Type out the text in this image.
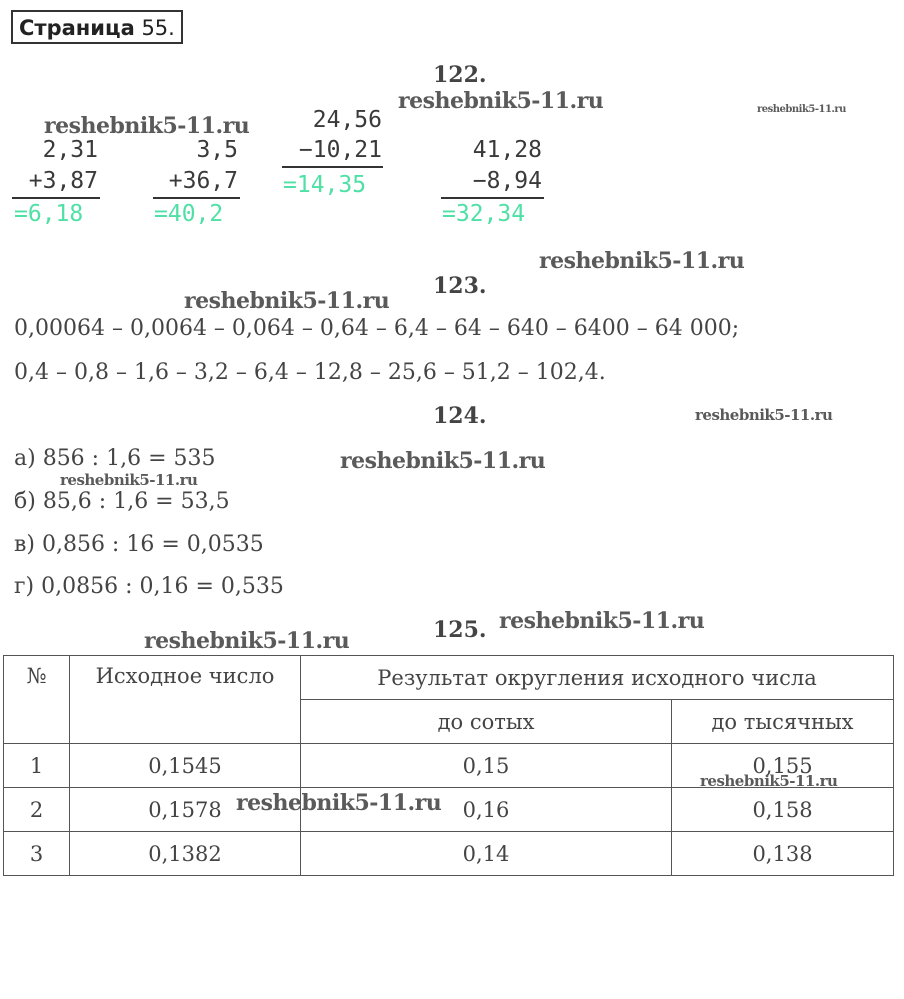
Страница 55.
122.
reshebnik5-11.ru	reshebnik5-11.ru
reshebnik5-11.ru
2,31
+3,87
=6,18
3,5
+36,7
=40,2
24,56
−10,21
=14,35
41,28
−8,94
=32,34
reshebnik5-11.ru
123.
reshebnik5-11.ru
0,00064 – 0,0064 – 0,064 – 0,64 – 6,4 – 64 – 640 – 6400 – 64 000;
0,4 – 0,8 – 1,6 – 3,2 – 6,4 – 12,8 – 25,6 – 51,2 – 102,4.
124.	reshebnik5-11.ru
а) 856 : 1,6 = 535	reshebnik5-11.ru
reshebnik5-11.ru
б) 85,6 : 1,6 = 53,5
в) 0,856 : 16 = 0,0535
г) 0,0856 : 0,16 = 0,535
125. reshebnik5-11.ru
reshebnik5-11.ru
№	Исходное число	Результат округления исходного числа	
		до сотых	до тысячных
1	0,1545	0,15	0,155
2	0,1578	0,16	0,158
3	0,1382	0,14	0,138
reshebnik5-11.ru
reshebnik5-11.ru
